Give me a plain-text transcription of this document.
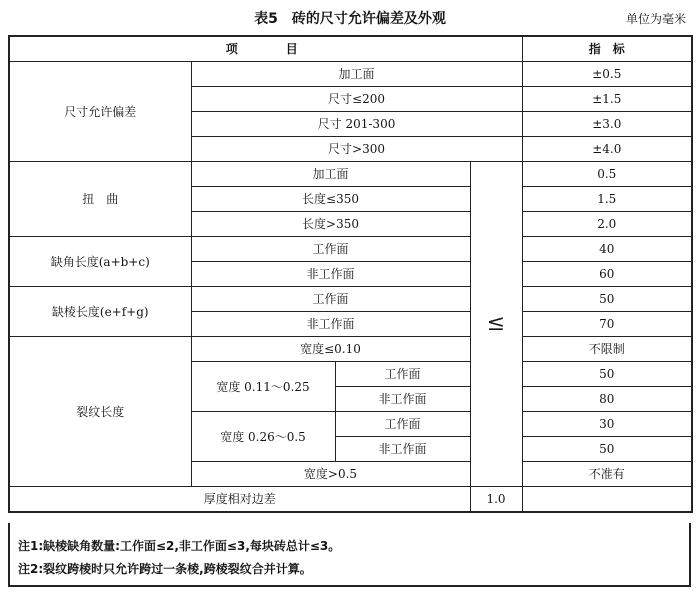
表5　砖的尺寸允许偏差及外观	单位为毫米
项　　目				指　标
尺寸允许偏差	加工面			±0.5
	尺寸≤200			±1.5
	尺寸 201-300			±3.0
	尺寸>300			±4.0
扭　曲	加工面		≤	0.5
	长度≤350			1.5
	长度>350			2.0
缺角长度(a+b+c)	工作面			40
	非工作面			60
缺棱长度(e+f+g)	工作面			50
	非工作面			70
裂纹长度	宽度≤0.10			不限制
	宽度 0.11～0.25	工作面		50
		非工作面		80
	宽度 0.26～0.5	工作面		30
		非工作面		50
	宽度>0.5			不准有
厚度相对边差			1.0	
注1:缺棱缺角数量:工作面≤2,非工作面≤3,每块砖总计≤3。
注2:裂纹跨棱时只允许跨过一条棱,跨棱裂纹合并计算。
